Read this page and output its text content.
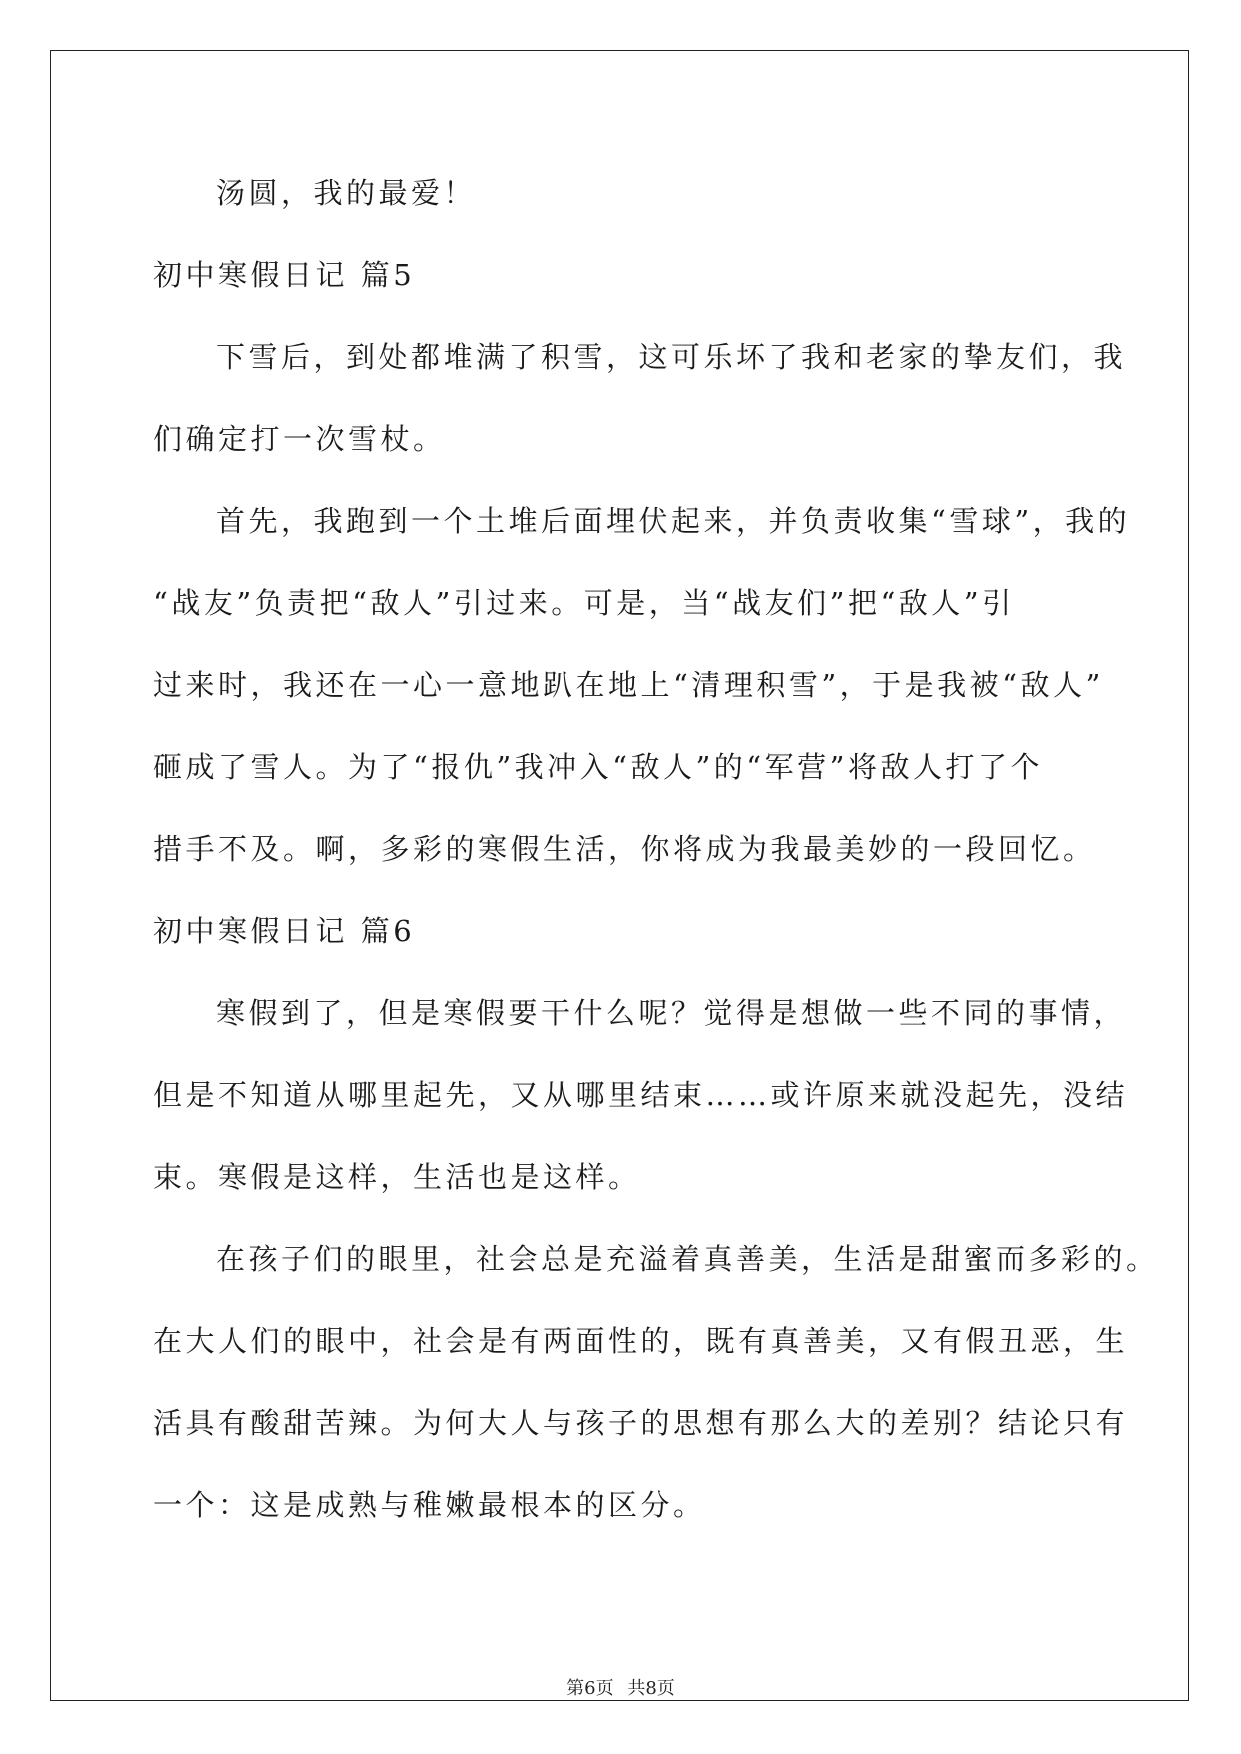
汤圆，我的最爱！
初中寒假日记 篇5
下雪后，到处都堆满了积雪，这可乐坏了我和老家的挚友们，我
们确定打一次雪杖。
首先，我跑到一个土堆后面埋伏起来，并负责收集“雪球”，我的
“战友”负责把“敌人”引过来。可是，当“战友们”把“敌人”引
过来时，我还在一心一意地趴在地上“清理积雪”，于是我被“敌人”
砸成了雪人。为了“报仇”我冲入“敌人”的“军营”将敌人打了个
措手不及。啊，多彩的寒假生活，你将成为我最美妙的一段回忆。
初中寒假日记 篇6
寒假到了，但是寒假要干什么呢？觉得是想做一些不同的事情，
但是不知道从哪里起先，又从哪里结束……或许原来就没起先，没结
束。寒假是这样，生活也是这样。
在孩子们的眼里，社会总是充溢着真善美，生活是甜蜜而多彩的。
在大人们的眼中，社会是有两面性的，既有真善美，又有假丑恶，生
活具有酸甜苦辣。为何大人与孩子的思想有那么大的差别？结论只有
一个：这是成熟与稚嫩最根本的区分。
第6页 共8页
